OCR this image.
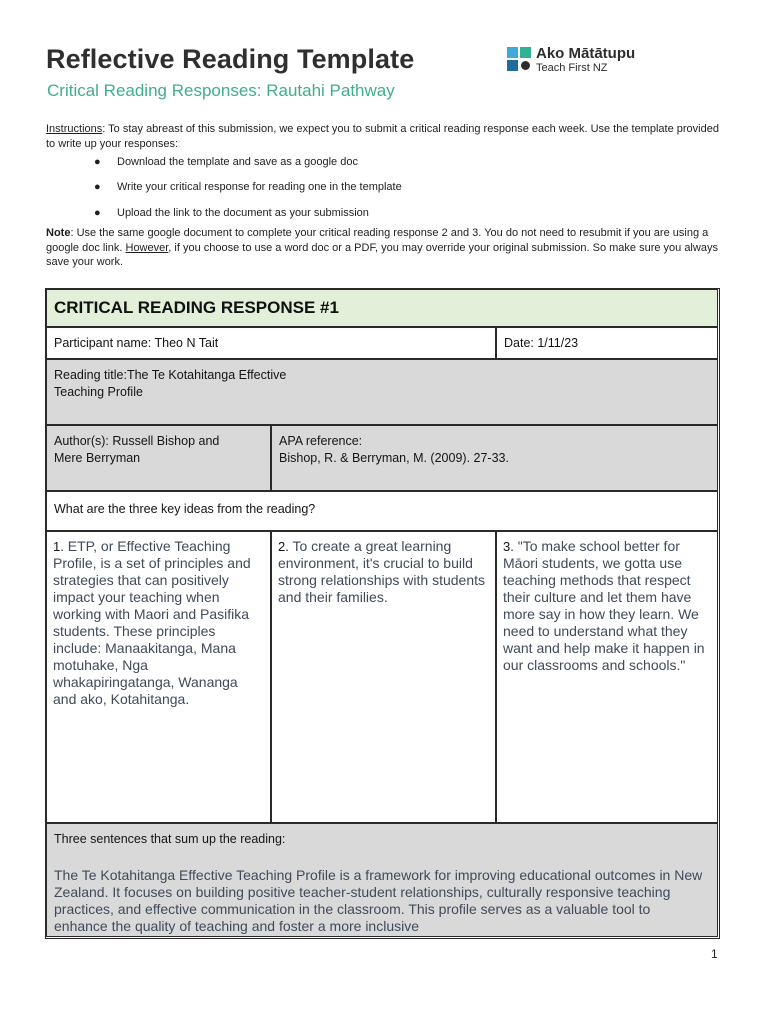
Reflective Reading Template
Critical Reading Responses: Rautahi Pathway
Ako Mātātupu
Teach First NZ
Instructions: To stay abreast of this submission, we expect you to submit a critical reading response each week. Use the template provided to write up your responses:
● Download the template and save as a google doc
● Write your critical response for reading one in the template
● Upload the link to the document as your submission
Note: Use the same google document to complete your critical reading response 2 and 3. You do not need to resubmit if you are using a google doc link. However, if you choose to use a word doc or a PDF, you may override your original submission. So make sure you always save your work.
CRITICAL READING RESPONSE #1
Participant name: Theo N Tait	Date: 1/11/23
Reading title:The Te Kotahitanga Effective
Teaching Profile
Author(s): Russell Bishop and
Mere Berryman
APA reference:
Bishop, R. & Berryman, M. (2009). 27-33.
What are the three key ideas from the reading?
1. ETP, or Effective Teaching Profile, is a set of principles and strategies that can positively impact your teaching when working with Maori and Pasifika students. These principles include: Manaakitanga, Mana motuhake, Nga whakapiringatanga, Wananga and ako, Kotahitanga.
2. To create a great learning environment, it's crucial to build strong relationships with students and their families.
3. "To make school better for Māori students, we gotta use teaching methods that respect their culture and let them have more say in how they learn. We need to understand what they want and help make it happen in our classrooms and schools."
Three sentences that sum up the reading:
The Te Kotahitanga Effective Teaching Profile is a framework for improving educational outcomes in New Zealand. It focuses on building positive teacher-student relationships, culturally responsive teaching practices, and effective communication in the classroom. This profile serves as a valuable tool to enhance the quality of teaching and foster a more inclusive
1
